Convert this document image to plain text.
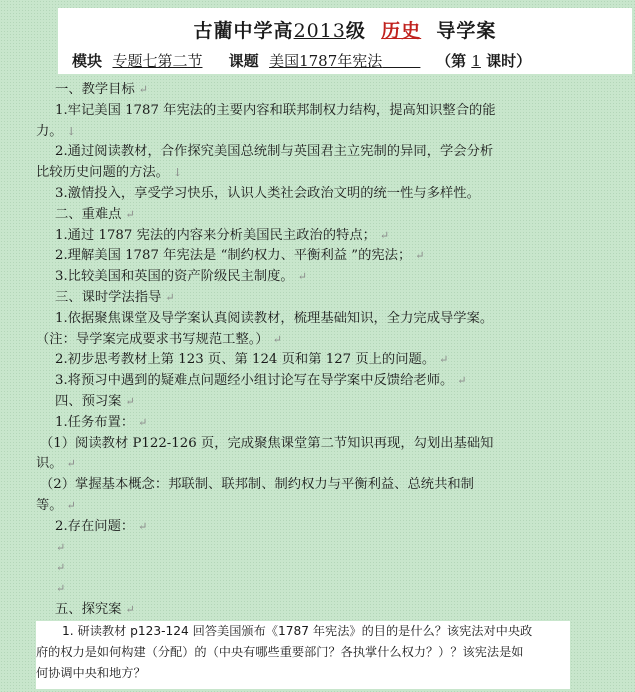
古藺中学高2013级 历史 导学案
模块 专题七第二节 课题 美国1787年宪法	（第 1 课时）
一、教学目标 ↵
1.牢记美国 1787 年宪法的主要内容和联邦制权力结构，提高知识整合的能
力。 ↓
2.通过阅读教材，合作探究美国总统制与英国君主立宪制的异同，学会分析
比较历史问题的方法。 ↓
3.激情投入，享受学习快乐，认识人类社会政治文明的统一性与多样性。
二、重难点 ↵
1.通过 1787 宪法的内容来分析美国民主政治的特点； ↵
2.理解美国 1787 年宪法是 “制约权力、平衡利益 ”的宪法； ↵
3.比较美国和英国的资产阶级民主制度。 ↵
三、课时学法指导 ↵
1.依据聚焦课堂及导学案认真阅读教材，梳理基础知识，全力完成导学案。
（注：导学案完成要求书写规范工整。） ↵
2.初步思考教材上第 123 页、第 124 页和第 127 页上的问题。 ↵
3.将预习中遇到的疑难点问题经小组讨论写在导学案中反馈给老师。 ↵
四、预习案 ↵
1.任务布置： ↵
（1）阅读教材 P122-126 页，完成聚焦课堂第二节知识再现，勾划出基础知
识。 ↵
（2）掌握基本概念：邦联制、联邦制、制约权力与平衡利益、总统共和制
等。 ↵
2.存在问题： ↵
↵
↵
↵
五、探究案 ↵
1. 研读教材 p123-124 回答美国颁布《1787 年宪法》的目的是什么？该宪法对中央政
府的权力是如何构建（分配）的（中央有哪些重要部门？各执掌什么权力？）？该宪法是如
何协调中央和地方？
